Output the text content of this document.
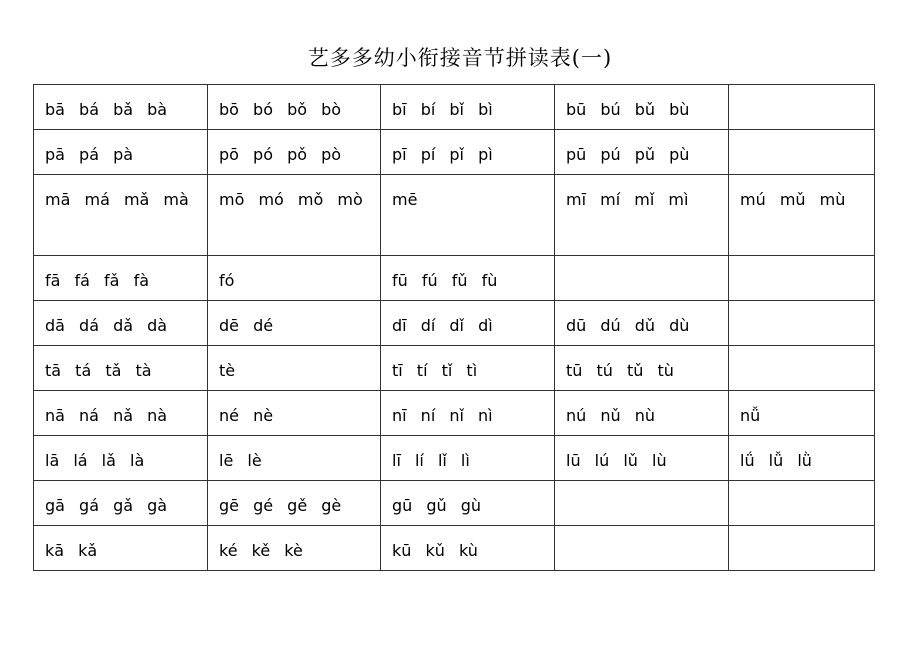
艺多多幼小衔接音节拼读表(一)
bā bá bǎ bà	bō bó bǒ bò	bī bí bǐ bì	bū bú bǔ bù	
pā pá pà	pō pó pǒ pò	pī pí pǐ pì	pū pú pǔ pù	
mā má mǎ mà	mō mó mǒ mò	mē	mī mí mǐ mì	mú mǔ mù
fā fá fǎ fà	fó	fū fú fǔ fù		
dā dá dǎ dà	dē dé	dī dí dǐ dì	dū dú dǔ dù	
tā tá tǎ tà	tè	tī tí tǐ tì	tū tú tǔ tù	
nā ná nǎ nà	né nè	nī ní nǐ nì	nú nǔ nù	nǚ
lā lá lǎ là	lē lè	lī lí lǐ lì	lū lú lǔ lù	lǘ lǚ lǜ
gā gá gǎ gà	gē gé gě gè	gū gǔ gù		
kā kǎ	ké kě kè	kū kǔ kù		
